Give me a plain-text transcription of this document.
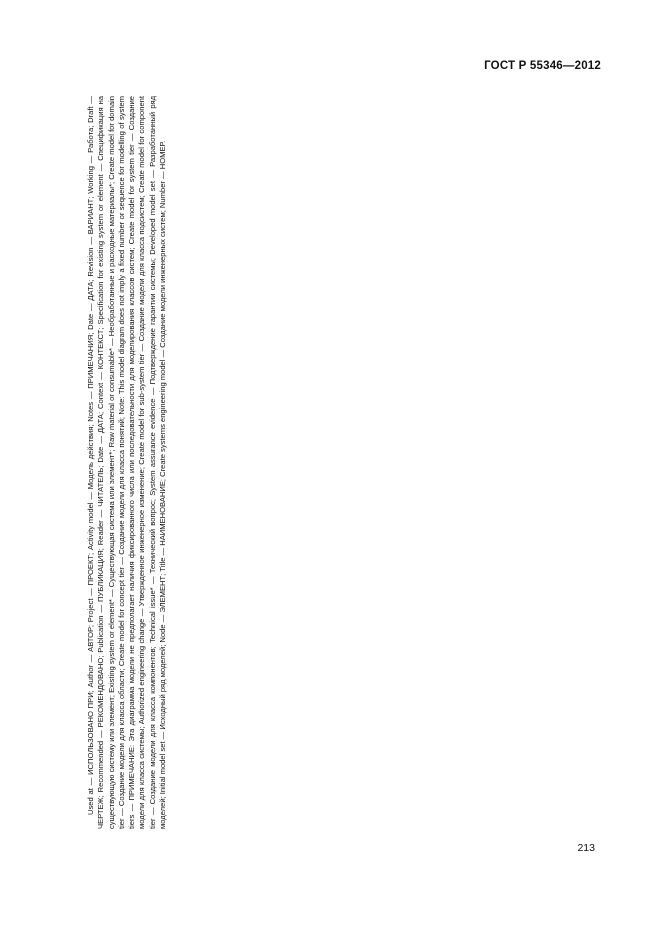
ГОСТ Р 55346—2012

Used at — ИСПОЛЬЗОВАНО ПРИ; Author — АВТОР; Project — ПРОЕКТ; Activity model — Модель действия; Notes — ПРИМЕЧАНИЯ; Date — ДАТА; Revision — ВАРИАНТ; Working — Работа; Draft — ЧЕРТЕЖ; Recommended — РЕКОМЕНДОВАНО; Publication — ПУБЛИКАЦИЯ; Reader — ЧИТАТЕЛЬ; Date — ДАТА; Context — КОНТЕКСТ; Specification for existing system or element — Спецификация на существующую систему или элемент; Existing system or element* — Существующая система или элемент*; Raw material or consumable* — Необработанные и расходные материалы*; Create model for domain tier — Создание модели для класса области; Create model for concept tier — Создание модели для класса понятий; Note: This model diagram does not imply a fixed number or sequence for modelling of system tiers — ПРИМЕЧАНИЕ: Эта диаграмма модели не предполагает наличия фиксированного числа или последовательности для моделирования классов систем; Create model for system tier — Создание модели для класса системы; Authorized engineering change — Утвержденное инженерное изменение; Create model for sub-system tier — Создание модели для класса подсистем; Create model for component tier — Создание модели для класса компонентов; Technical issue* — Технический вопрос; System assurance evidence — Подтверждение гарантии системы; Developed model set — Разработанный ряд моделей; Initial model set — Исходный ряд моделей; Node — ЭЛЕМЕНТ; Title — НАИМЕНОВАНИЕ; Create systems engineering model — Создание модели инженерных систем; Number — НОМЕР.

213
